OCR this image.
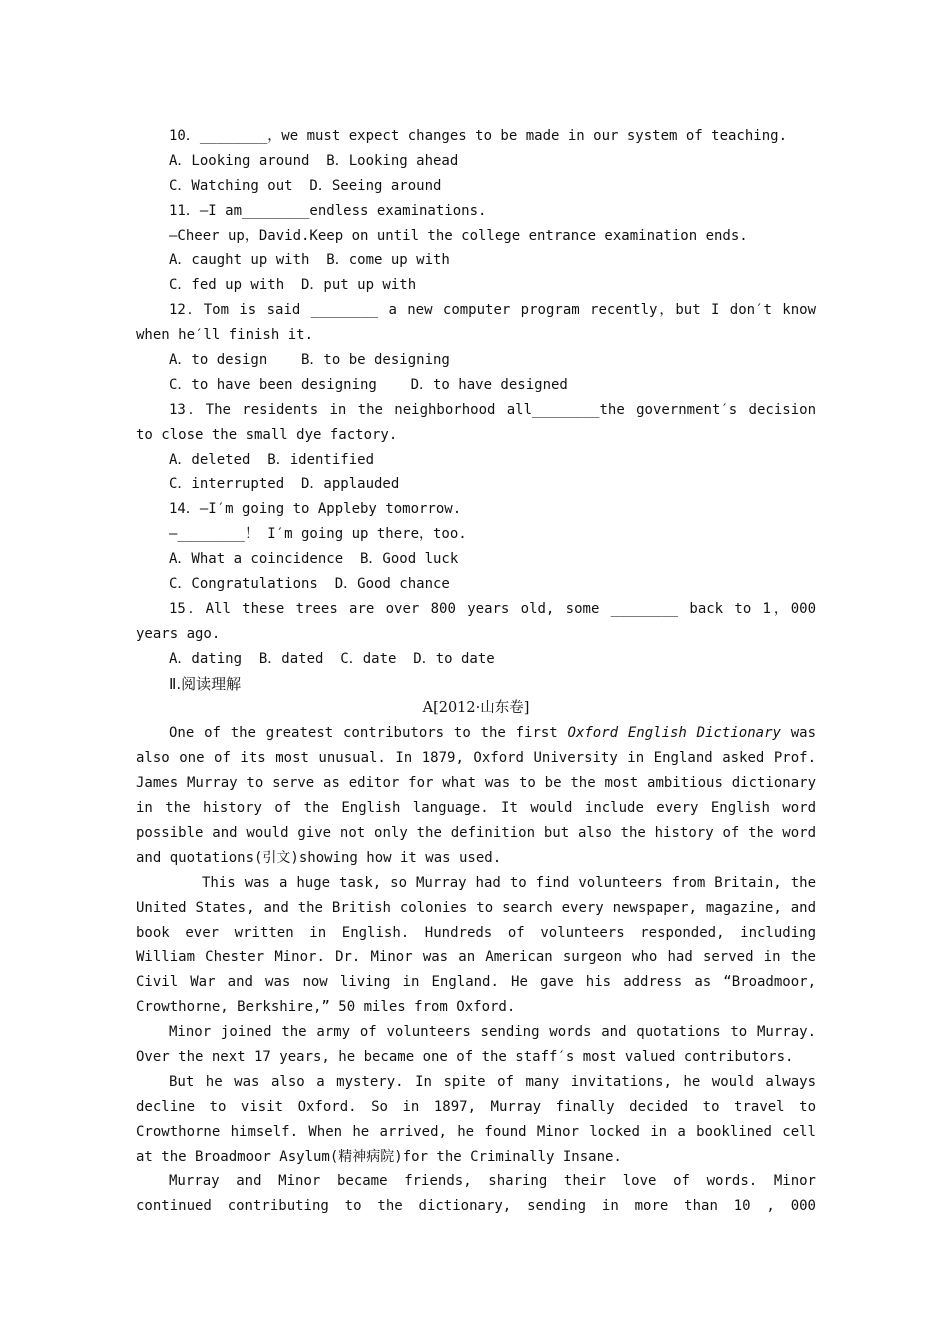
10．________，we must expect changes to be made in our system of teaching.
A．Looking around  B．Looking ahead
C．Watching out  D．Seeing around
11．—I am________endless examinations.
—Cheer up，David.Keep on until the college entrance examination ends.
A．caught up with  B．come up with
C．fed up with  D．put up with
12．Tom is said ________ a new computer program recently，but I don′t know
when he′ll finish it.
A．to design    B．to be designing
C．to have been designing    D．to have designed
13．The residents in the neighborhood all________the government′s decision
to close the small dye factory.
A．deleted  B．identified
C．interrupted  D．applauded
14．—I′m going to Appleby tomorrow.
—________！ I′m going up there，too.
A．What a coincidence  B．Good luck
C．Congratulations  D．Good chance
15．All these trees are over 800 years old, some ________ back to 1，000
years ago.
A．dating  B．dated  C．date  D．to date
Ⅱ.阅读理解
A[2012·山东卷]
One of the greatest contributors to the first Oxford English Dictionary was
also one of its most unusual. In 1879, Oxford University in England asked Prof.
James Murray to serve as editor for what was to be the most ambitious dictionary
in the history of the English language. It would include every English word
possible and would give not only the definition but also the history of the word
and quotations(引文)showing how it was used.
This was a huge task, so Murray had to find volunteers from Britain, the
United States, and the British colonies to search every newspaper, magazine, and
book ever written in English. Hundreds of volunteers responded, including
William Chester Minor. Dr. Minor was an American surgeon who had served in the
Civil War and was now living in England. He gave his address as “Broadmoor,
Crowthorne, Berkshire,” 50 miles from Oxford.
Minor joined the army of volunteers sending words and quotations to Murray.
Over the next 17 years, he became one of the staff′s most valued contributors.
But he was also a mystery. In spite of many invitations, he would always
decline to visit Oxford. So in 1897, Murray finally decided to travel to
Crowthorne himself. When he arrived, he found Minor locked in a booklined cell
at the Broadmoor Asylum(精神病院)for the Criminally Insane.
Murray and Minor became friends, sharing their love of words. Minor
continued contributing to the dictionary, sending in more than 10 , 000
